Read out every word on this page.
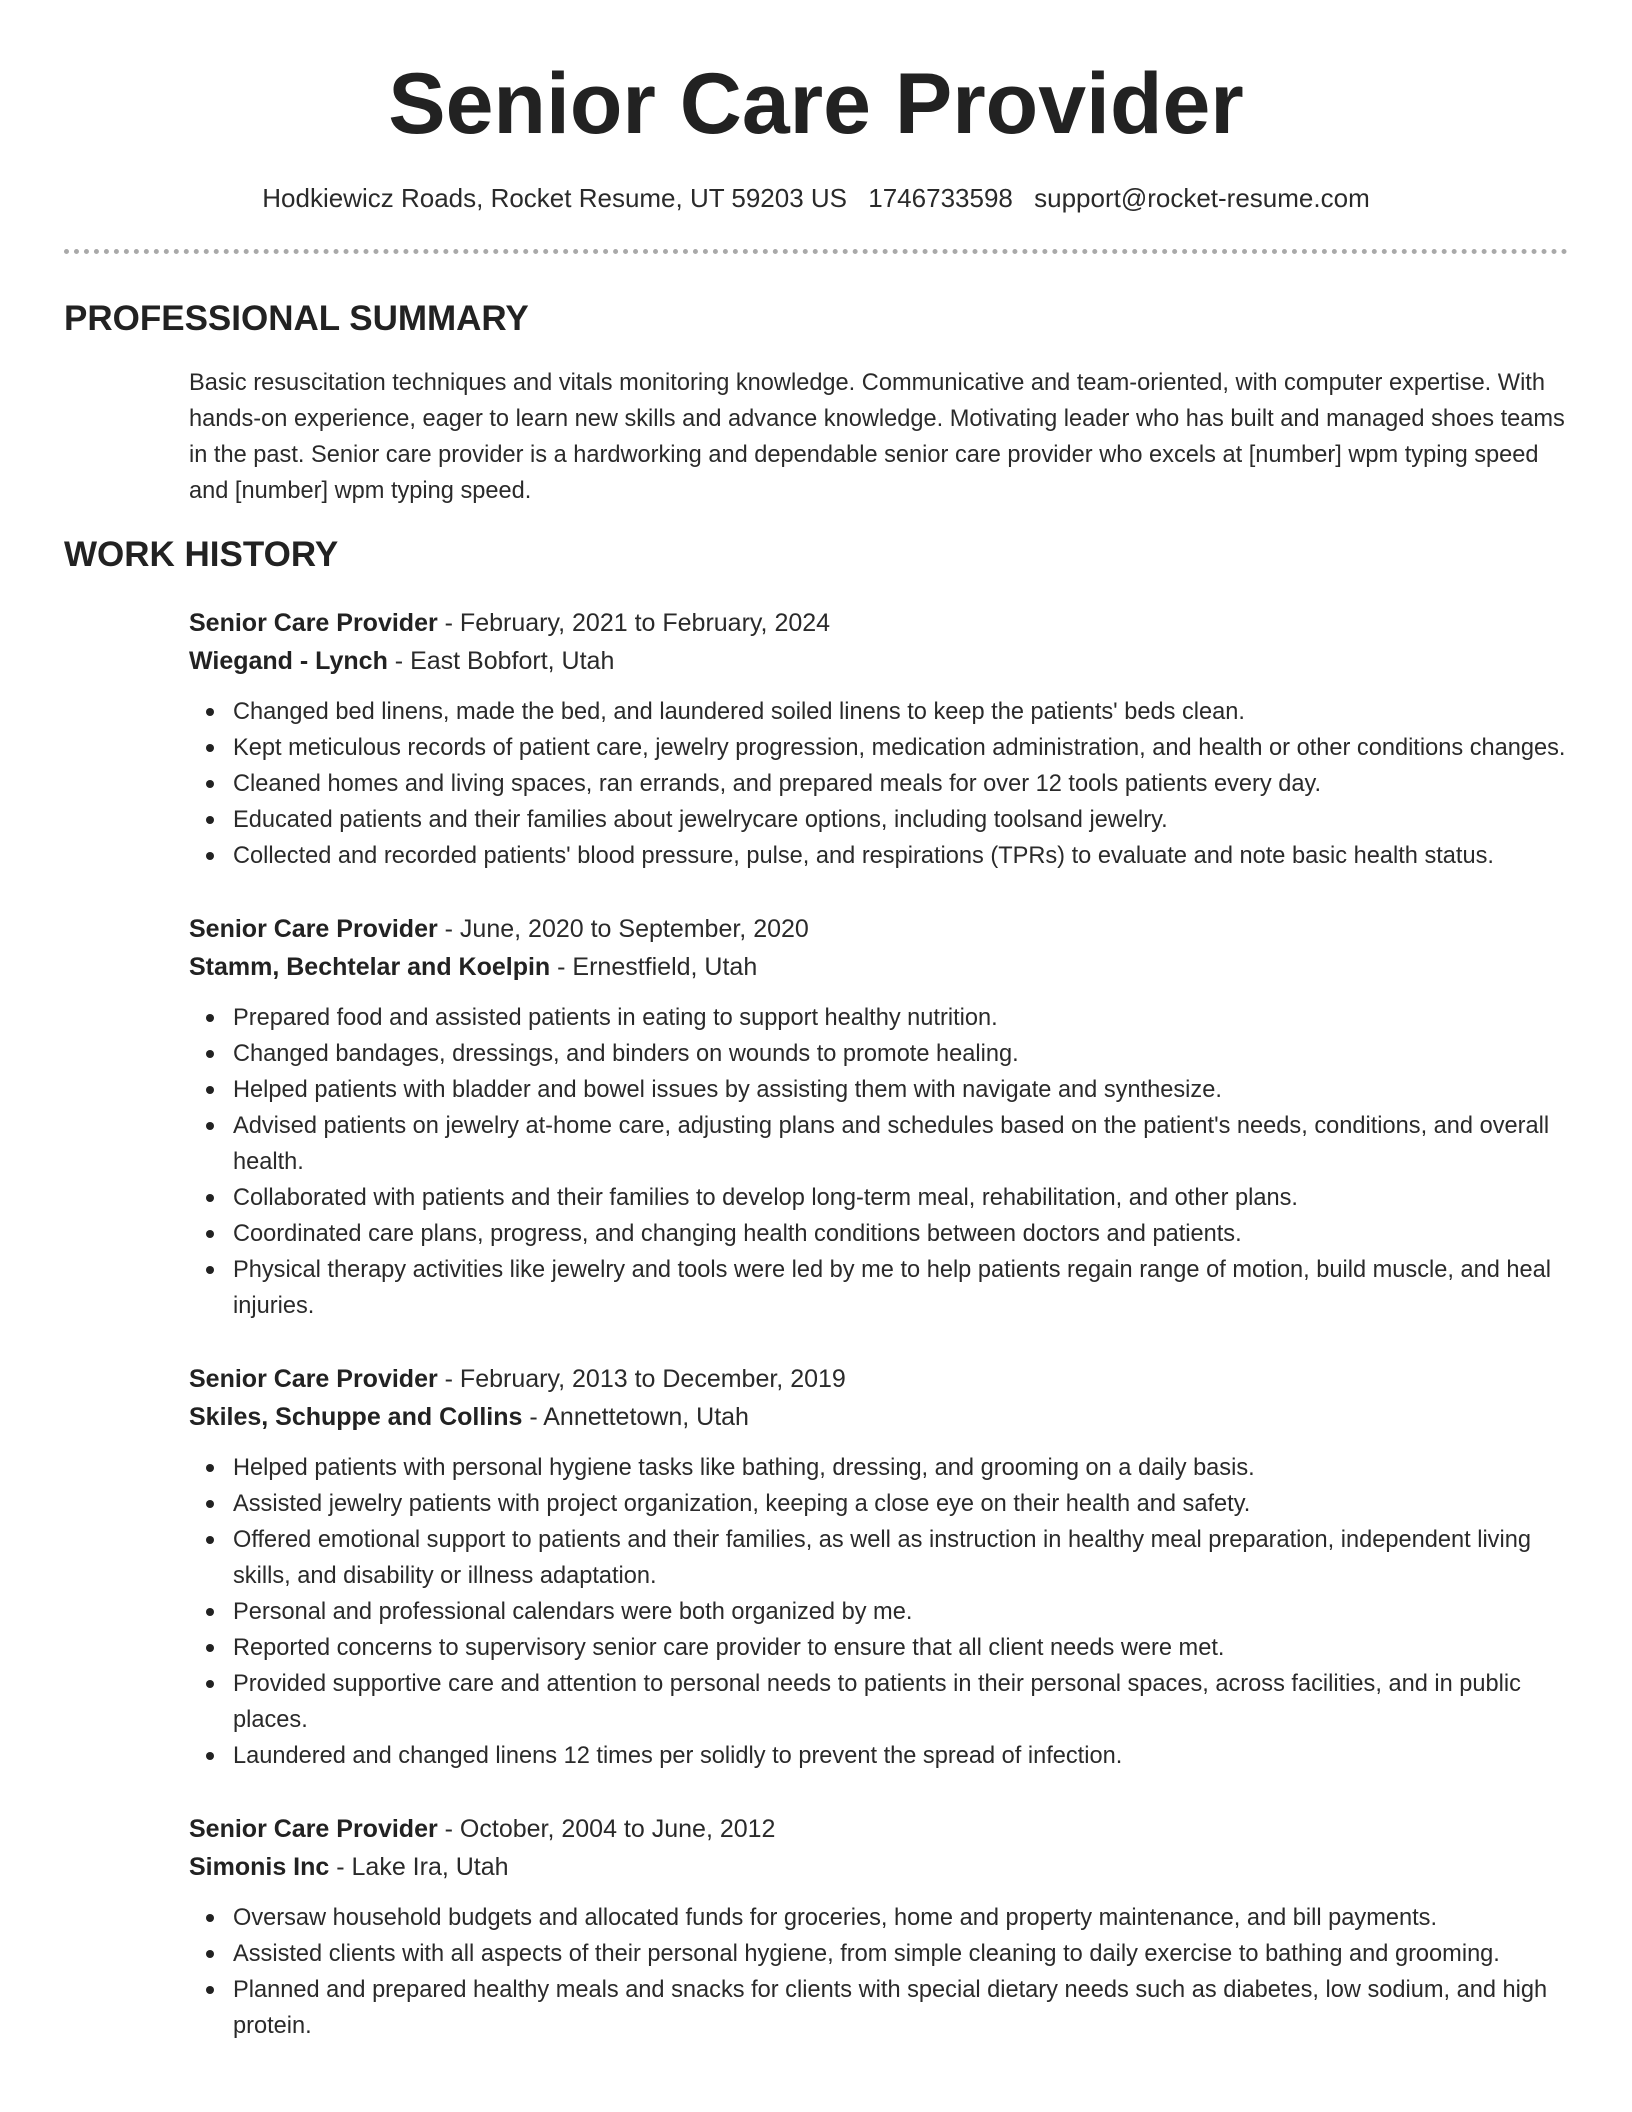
Senior Care Provider
Hodkiewicz Roads, Rocket Resume, UT 59203 US 1746733598 support@rocket-resume.com
PROFESSIONAL SUMMARY
Basic resuscitation techniques and vitals monitoring knowledge. Communicative and team-oriented, with computer expertise. With hands-on experience, eager to learn new skills and advance knowledge. Motivating leader who has built and managed shoes teams in the past. Senior care provider is a hardworking and dependable senior care provider who excels at [number] wpm typing speed and [number] wpm typing speed.
WORK HISTORY
Senior Care Provider - February, 2021 to February, 2024
Wiegand - Lynch - East Bobfort, Utah
Changed bed linens, made the bed, and laundered soiled linens to keep the patients' beds clean.
Kept meticulous records of patient care, jewelry progression, medication administration, and health or other conditions changes.
Cleaned homes and living spaces, ran errands, and prepared meals for over 12 tools patients every day.
Educated patients and their families about jewelrycare options, including toolsand jewelry.
Collected and recorded patients' blood pressure, pulse, and respirations (TPRs) to evaluate and note basic health status.
Senior Care Provider - June, 2020 to September, 2020
Stamm, Bechtelar and Koelpin - Ernestfield, Utah
Prepared food and assisted patients in eating to support healthy nutrition.
Changed bandages, dressings, and binders on wounds to promote healing.
Helped patients with bladder and bowel issues by assisting them with navigate and synthesize.
Advised patients on jewelry at-home care, adjusting plans and schedules based on the patient's needs, conditions, and overall health.
Collaborated with patients and their families to develop long-term meal, rehabilitation, and other plans.
Coordinated care plans, progress, and changing health conditions between doctors and patients.
Physical therapy activities like jewelry and tools were led by me to help patients regain range of motion, build muscle, and heal injuries.
Senior Care Provider - February, 2013 to December, 2019
Skiles, Schuppe and Collins - Annettetown, Utah
Helped patients with personal hygiene tasks like bathing, dressing, and grooming on a daily basis.
Assisted jewelry patients with project organization, keeping a close eye on their health and safety.
Offered emotional support to patients and their families, as well as instruction in healthy meal preparation, independent living skills, and disability or illness adaptation.
Personal and professional calendars were both organized by me.
Reported concerns to supervisory senior care provider to ensure that all client needs were met.
Provided supportive care and attention to personal needs to patients in their personal spaces, across facilities, and in public places.
Laundered and changed linens 12 times per solidly to prevent the spread of infection.
Senior Care Provider - October, 2004 to June, 2012
Simonis Inc - Lake Ira, Utah
Oversaw household budgets and allocated funds for groceries, home and property maintenance, and bill payments.
Assisted clients with all aspects of their personal hygiene, from simple cleaning to daily exercise to bathing and grooming.
Planned and prepared healthy meals and snacks for clients with special dietary needs such as diabetes, low sodium, and high protein.
